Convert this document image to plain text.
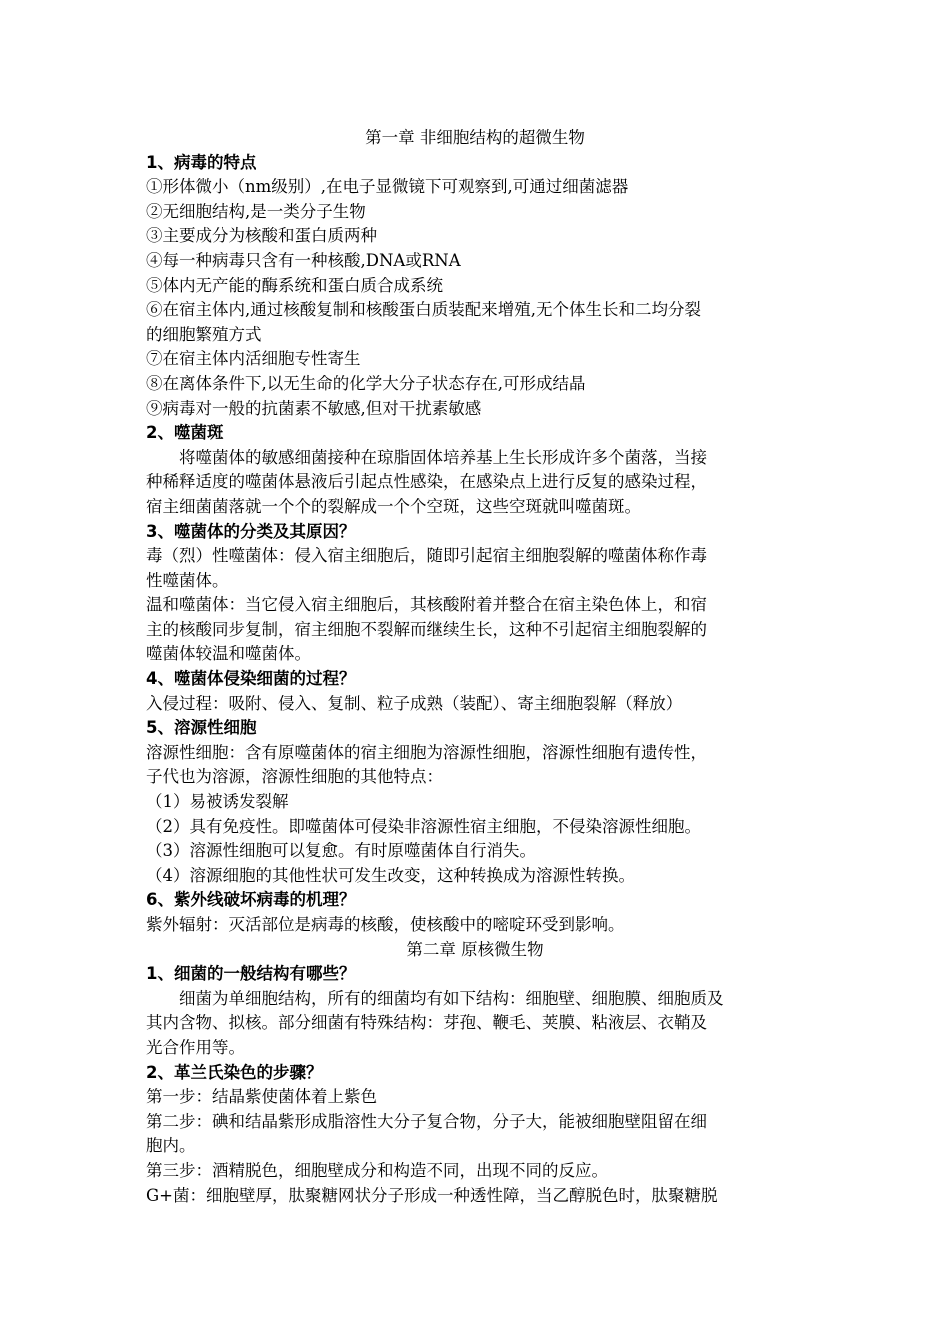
第一章 非细胞结构的超微生物
1、病毒的特点
①形体微小（nm级别）,在电子显微镜下可观察到,可通过细菌滤器
②无细胞结构,是一类分子生物
③主要成分为核酸和蛋白质两种
④每一种病毒只含有一种核酸,DNA或RNA
⑤体内无产能的酶系统和蛋白质合成系统
⑥在宿主体内,通过核酸复制和核酸蛋白质装配来增殖,无个体生长和二均分裂
的细胞繁殖方式
⑦在宿主体内活细胞专性寄生
⑧在离体条件下,以无生命的化学大分子状态存在,可形成结晶
⑨病毒对一般的抗菌素不敏感,但对干扰素敏感
2、噬菌斑
将噬菌体的敏感细菌接种在琼脂固体培养基上生长形成许多个菌落，当接
种稀释适度的噬菌体悬液后引起点性感染，在感染点上进行反复的感染过程，
宿主细菌菌落就一个个的裂解成一个个空斑，这些空斑就叫噬菌斑。
3、噬菌体的分类及其原因？
毒（烈）性噬菌体：侵入宿主细胞后，随即引起宿主细胞裂解的噬菌体称作毒
性噬菌体。
温和噬菌体：当它侵入宿主细胞后，其核酸附着并整合在宿主染色体上，和宿
主的核酸同步复制，宿主细胞不裂解而继续生长，这种不引起宿主细胞裂解的
噬菌体较温和噬菌体。
4、噬菌体侵染细菌的过程？
入侵过程：吸附、侵入、复制、粒子成熟（装配）、寄主细胞裂解（释放）
5、溶源性细胞
溶源性细胞：含有原噬菌体的宿主细胞为溶源性细胞，溶源性细胞有遗传性，
子代也为溶源，溶源性细胞的其他特点：
（1）易被诱发裂解
（2）具有免疫性。即噬菌体可侵染非溶源性宿主细胞，不侵染溶源性细胞。
（3）溶源性细胞可以复愈。有时原噬菌体自行消失。
（4）溶源细胞的其他性状可发生改变，这种转换成为溶源性转换。
6、紫外线破坏病毒的机理？
紫外辐射：灭活部位是病毒的核酸，使核酸中的嘧啶环受到影响。
第二章 原核微生物
1、细菌的一般结构有哪些？
细菌为单细胞结构，所有的细菌均有如下结构：细胞壁、细胞膜、细胞质及
其内含物、拟核。部分细菌有特殊结构：芽孢、鞭毛、荚膜、粘液层、衣鞘及
光合作用等。
2、革兰氏染色的步骤？
第一步：结晶紫使菌体着上紫色
第二步：碘和结晶紫形成脂溶性大分子复合物，分子大，能被细胞壁阻留在细
胞内。
第三步：酒精脱色，细胞壁成分和构造不同，出现不同的反应。
G+菌：细胞壁厚，肽聚糖网状分子形成一种透性障，当乙醇脱色时，肽聚糖脱
